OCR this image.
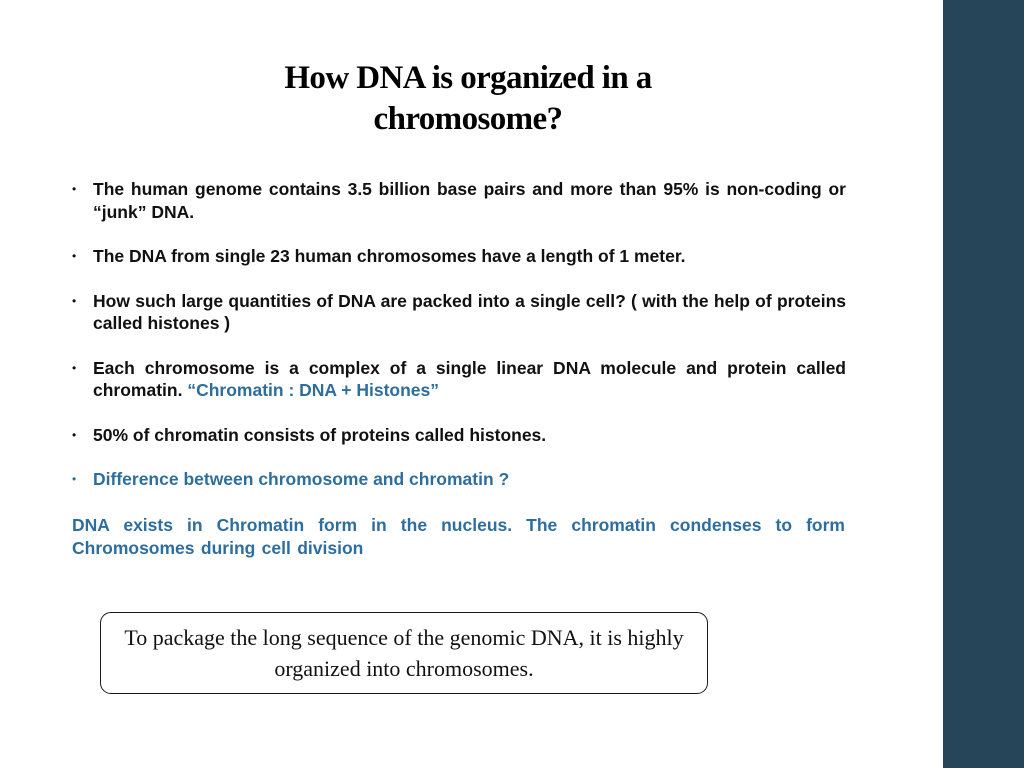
How DNA is organized in a chromosome?
• The human genome contains 3.5 billion base pairs and more than 95% is non-coding or “junk” DNA.
• The DNA from single 23 human chromosomes have a length of 1 meter.
• How such large quantities of DNA are packed into a single cell? ( with the help of proteins called histones )
• Each chromosome is a complex of a single linear DNA molecule and protein called chromatin. “Chromatin : DNA + Histones”
• 50% of chromatin consists of proteins called histones.
• Difference between chromosome and chromatin ?

DNA exists in Chromatin form in the nucleus. The chromatin condenses to form Chromosomes during cell division

To package the long sequence of the genomic DNA, it is highly organized into chromosomes.
